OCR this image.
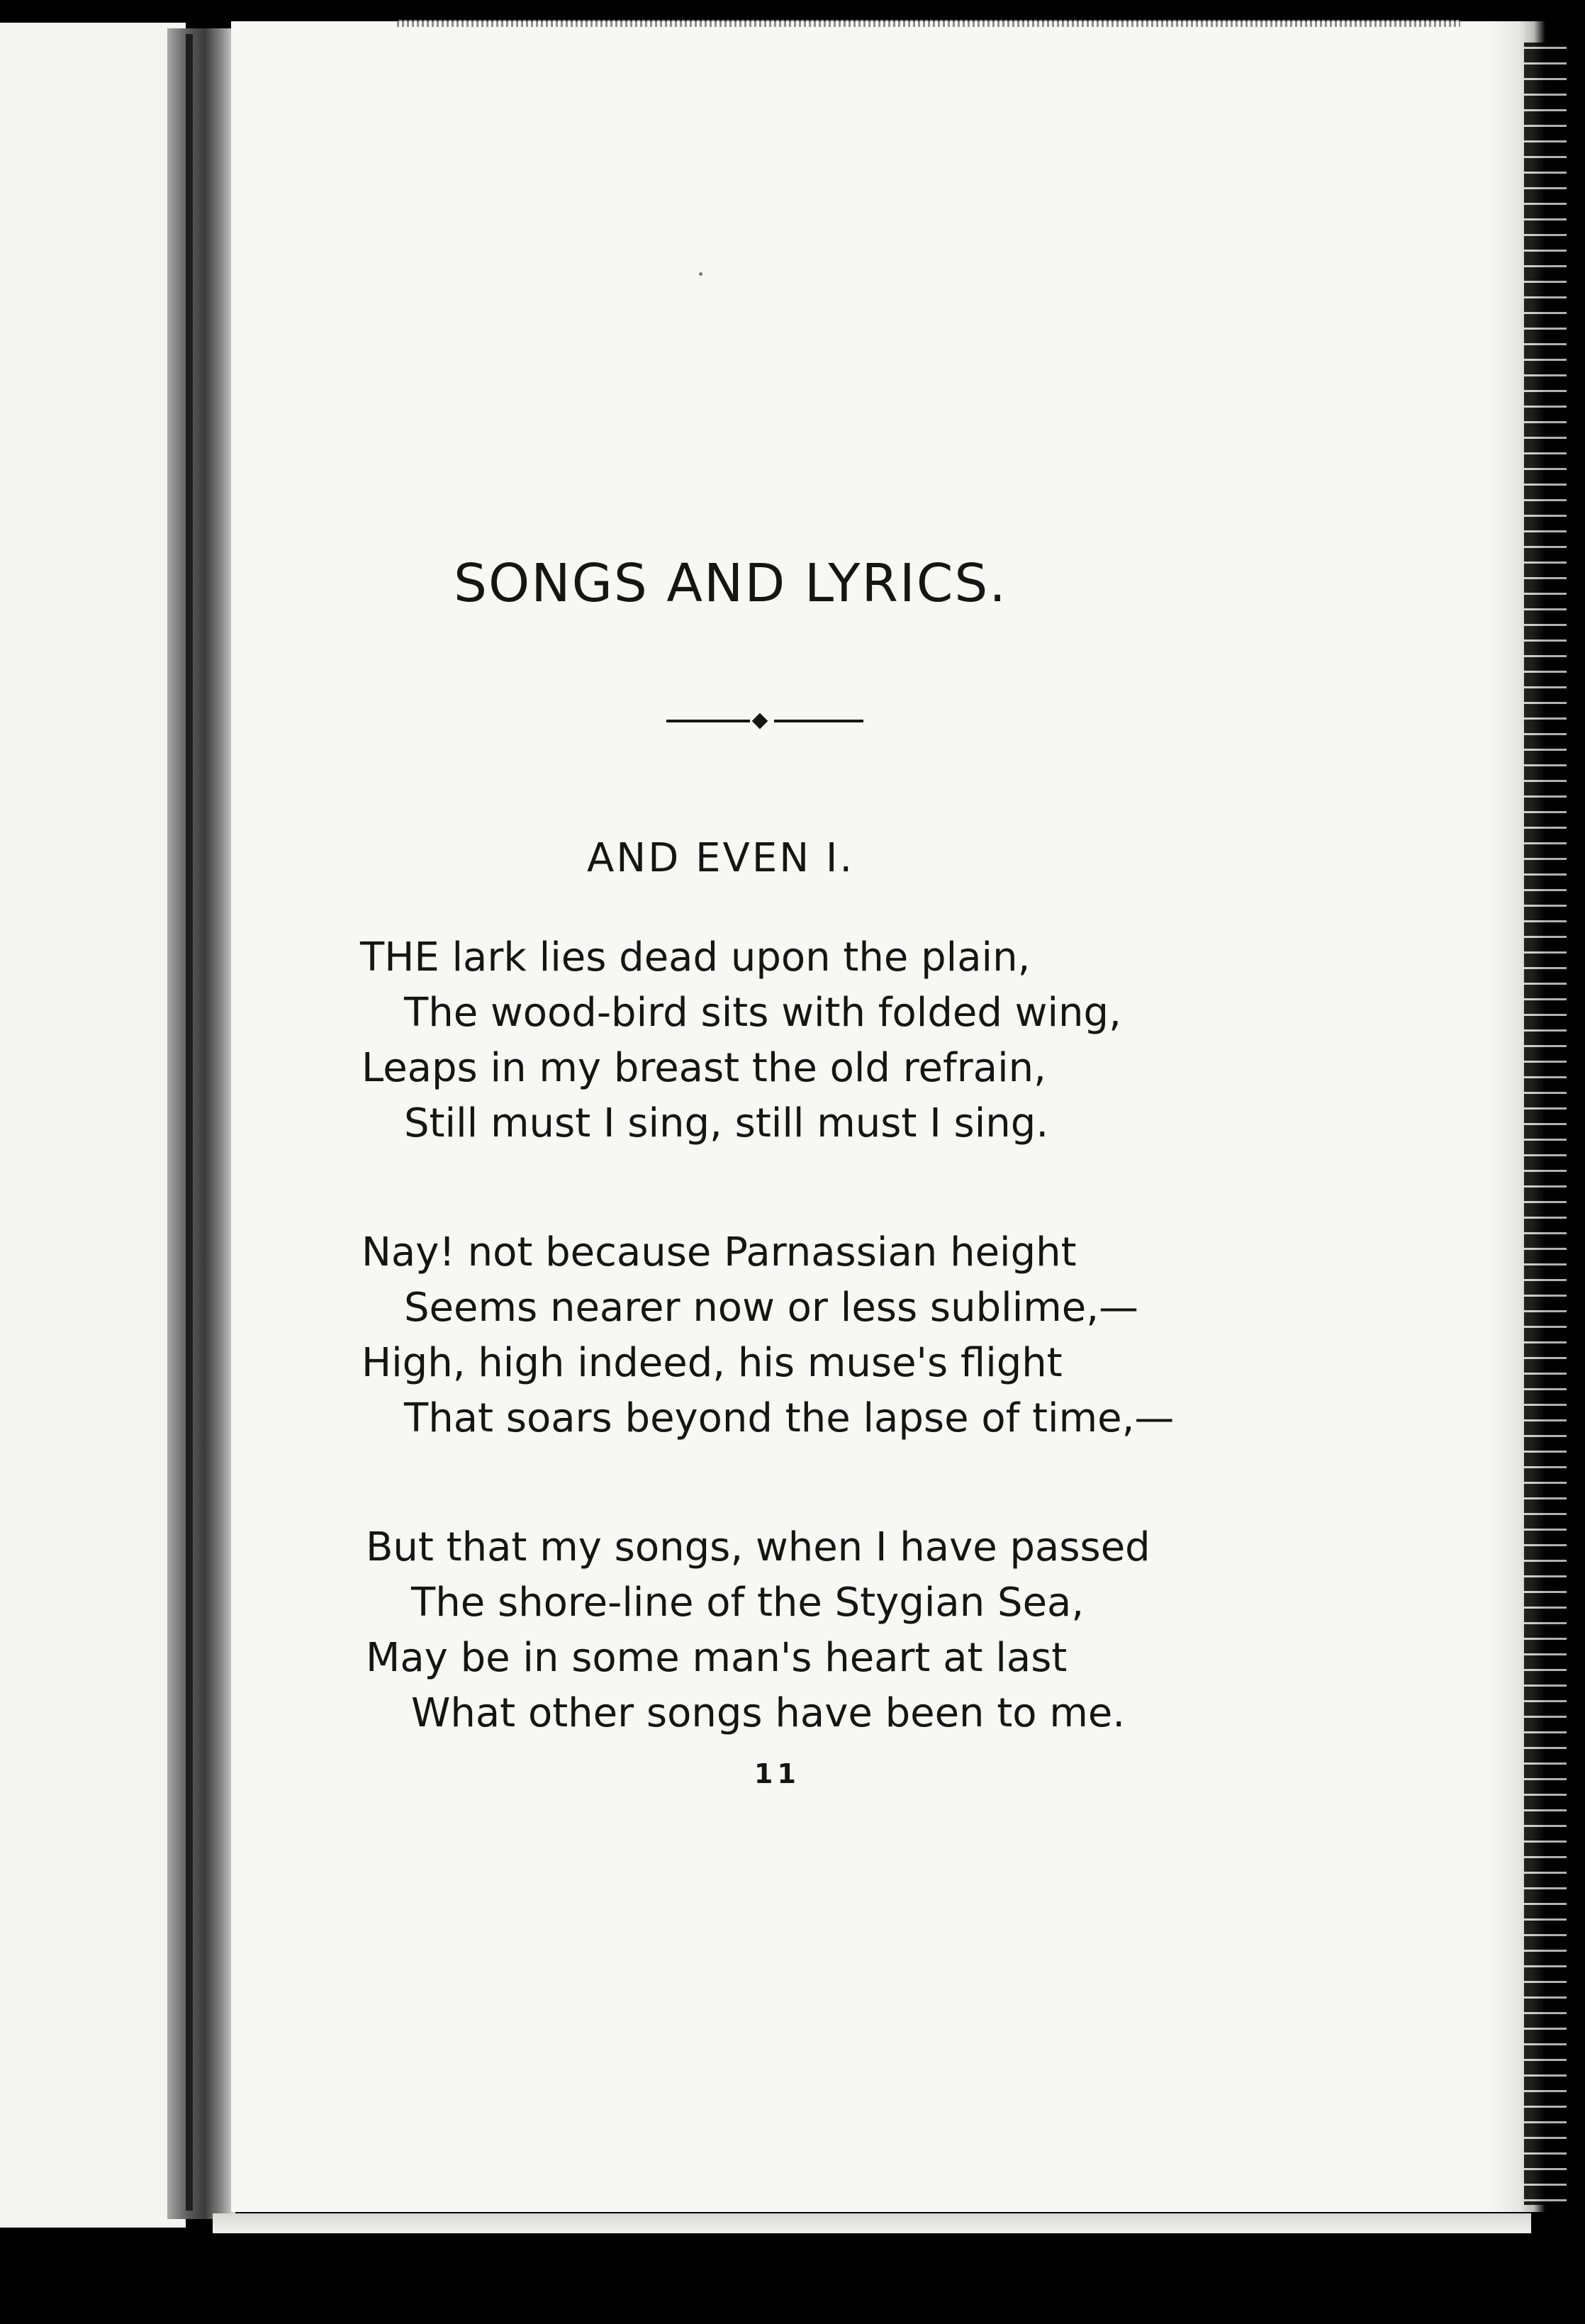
SONGS AND LYRICS.
AND EVEN I.
THE lark lies dead upon the plain,
The wood-bird sits with folded wing,
Leaps in my breast the old refrain,
Still must I sing, still must I sing.
Nay! not because Parnassian height
Seems nearer now or less sublime,—
High, high indeed, his muse's flight
That soars beyond the lapse of time,—
But that my songs, when I have passed
The shore-line of the Stygian Sea,
May be in some man's heart at last
What other songs have been to me.
11
